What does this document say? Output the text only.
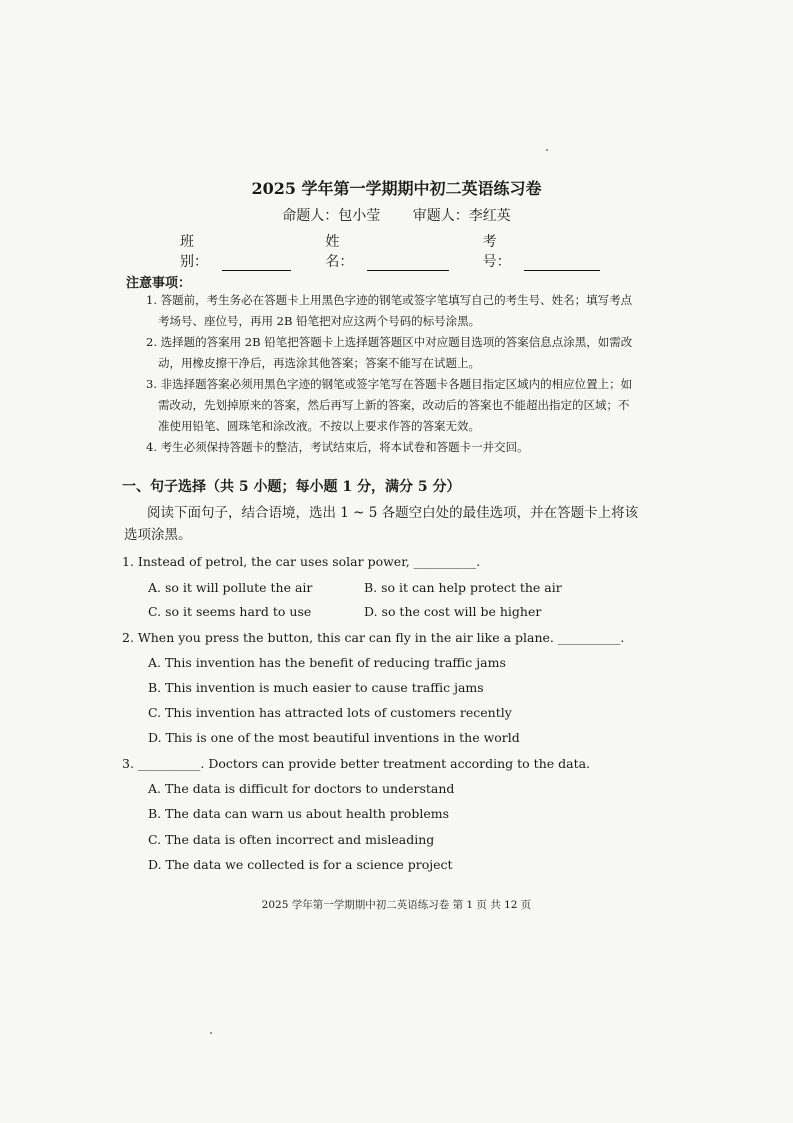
2025 学年第一学期期中初二英语练习卷
命题人：包小莹 审题人：李红英
班别：
姓名：
考号：
注意事项：
1. 答题前，考生务必在答题卡上用黑色字迹的钢笔或签字笔填写自己的考生号、姓名；填写考点考场号、座位号，再用 2B 铅笔把对应这两个号码的标号涂黑。
2. 选择题的答案用 2B 铅笔把答题卡上选择题答题区中对应题目选项的答案信息点涂黑，如需改动，用橡皮擦干净后，再选涂其他答案；答案不能写在试题上。
3. 非选择题答案必须用黑色字迹的钢笔或签字笔写在答题卡各题目指定区域内的相应位置上；如需改动，先划掉原来的答案，然后再写上新的答案，改动后的答案也不能超出指定的区域；不准使用铅笔、圆珠笔和涂改液。不按以上要求作答的答案无效。
4. 考生必须保持答题卡的整洁，考试结束后，将本试卷和答题卡一并交回。
一、句子选择（共 5 小题；每小题 1 分，满分 5 分）
阅读下面句子，结合语境，选出 1 ~ 5 各题空白处的最佳选项，并在答题卡上将该选项涂黑。
1. Instead of petrol, the car uses solar power, __________.
A. so it will pollute the air	B. so it can help protect the air
C. so it seems hard to use	D. so the cost will be higher
2. When you press the button, this car can fly in the air like a plane. __________.
A. This invention has the benefit of reducing traffic jams
B. This invention is much easier to cause traffic jams
C. This invention has attracted lots of customers recently
D. This is one of the most beautiful inventions in the world
3. __________. Doctors can provide better treatment according to the data.
A. The data is difficult for doctors to understand
B. The data can warn us about health problems
C. The data is often incorrect and misleading
D. The data we collected is for a science project
2025 学年第一学期期中初二英语练习卷 第 1 页 共 12 页
